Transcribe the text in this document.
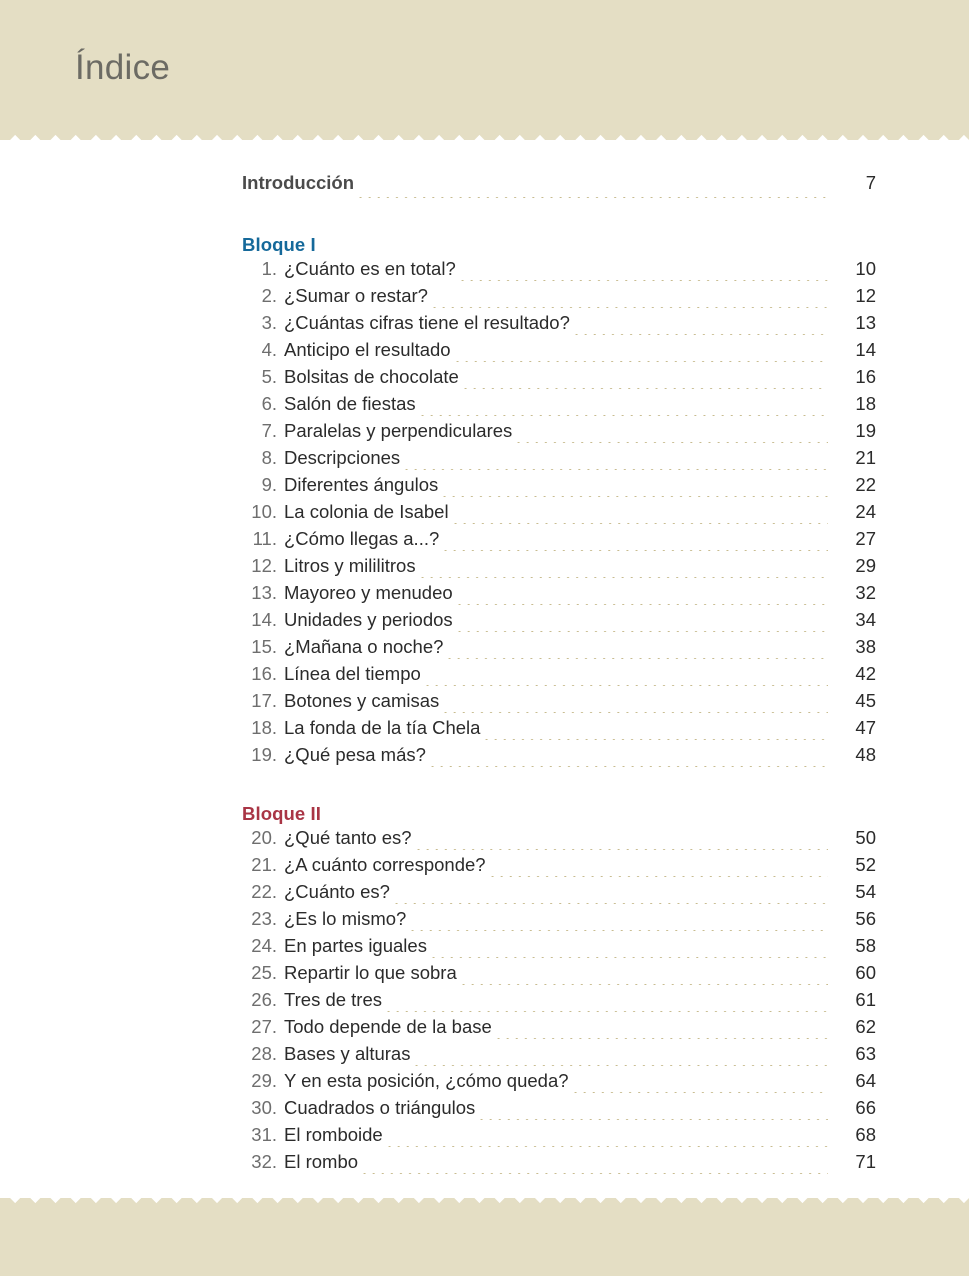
Índice
Introducción	7
Bloque I
1. ¿Cuánto es en total?	10
2. ¿Sumar o restar?	12
3. ¿Cuántas cifras tiene el resultado?	13
4. Anticipo el resultado	14
5. Bolsitas de chocolate	16
6. Salón de fiestas	18
7. Paralelas y perpendiculares	19
8. Descripciones	21
9. Diferentes ángulos	22
10. La colonia de Isabel	24
11. ¿Cómo llegas a...?	27
12. Litros y mililitros	29
13. Mayoreo y menudeo	32
14. Unidades y periodos	34
15. ¿Mañana o noche?	38
16. Línea del tiempo	42
17. Botones y camisas	45
18. La fonda de la tía Chela	47
19. ¿Qué pesa más?	48
Bloque II
20. ¿Qué tanto es?	50
21. ¿A cuánto corresponde?	52
22. ¿Cuánto es?	54
23. ¿Es lo mismo?	56
24. En partes iguales	58
25. Repartir lo que sobra	60
26. Tres de tres	61
27. Todo depende de la base	62
28. Bases y alturas	63
29. Y en esta posición, ¿cómo queda?	64
30. Cuadrados o triángulos	66
31. El romboide	68
32. El rombo	71
